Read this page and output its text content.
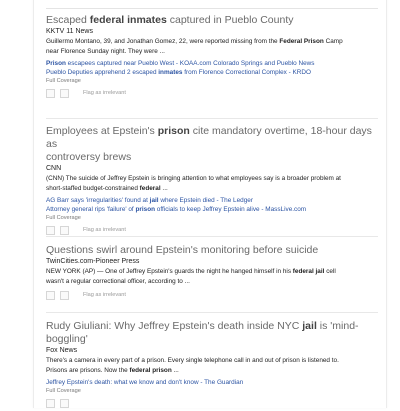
Escaped federal inmates captured in Pueblo County
KKTV 11 News
Guillermo Montano, 39, and Jonathan Gomez, 22, were reported missing from the Federal Prison Camp
near Florence Sunday night. They were ...
Prison escapees captured near Pueblo West - KOAA.com Colorado Springs and Pueblo News
Pueblo Deputies apprehend 2 escaped inmates from Florence Correctional Complex - KRDO
Full Coverage
Flag as irrelevant
Employees at Epstein's prison cite mandatory overtime, 18-hour days as
controversy brews
CNN
(CNN) The suicide of Jeffrey Epstein is bringing attention to what employees say is a broader problem at
short-staffed budget-constrained federal ...
AG Barr says 'irregularities' found at jail where Epstein died - The Ledger
Attorney general rips 'failure' of prison officials to keep Jeffrey Epstein alive - MassLive.com
Full Coverage
Flag as irrelevant
Questions swirl around Epstein's monitoring before suicide
TwinCities.com-Pioneer Press
NEW YORK (AP) — One of Jeffrey Epstein's guards the night he hanged himself in his federal jail cell
wasn't a regular correctional officer, according to ...
Flag as irrelevant
Rudy Giuliani: Why Jeffrey Epstein's death inside NYC jail is 'mind-boggling'
Fox News
There's a camera in every part of a prison. Every single telephone call in and out of prison is listened to.
Prisons are prisons. Now the federal prison ...
Jeffrey Epstein's death: what we know and don't know - The Guardian
Full Coverage
